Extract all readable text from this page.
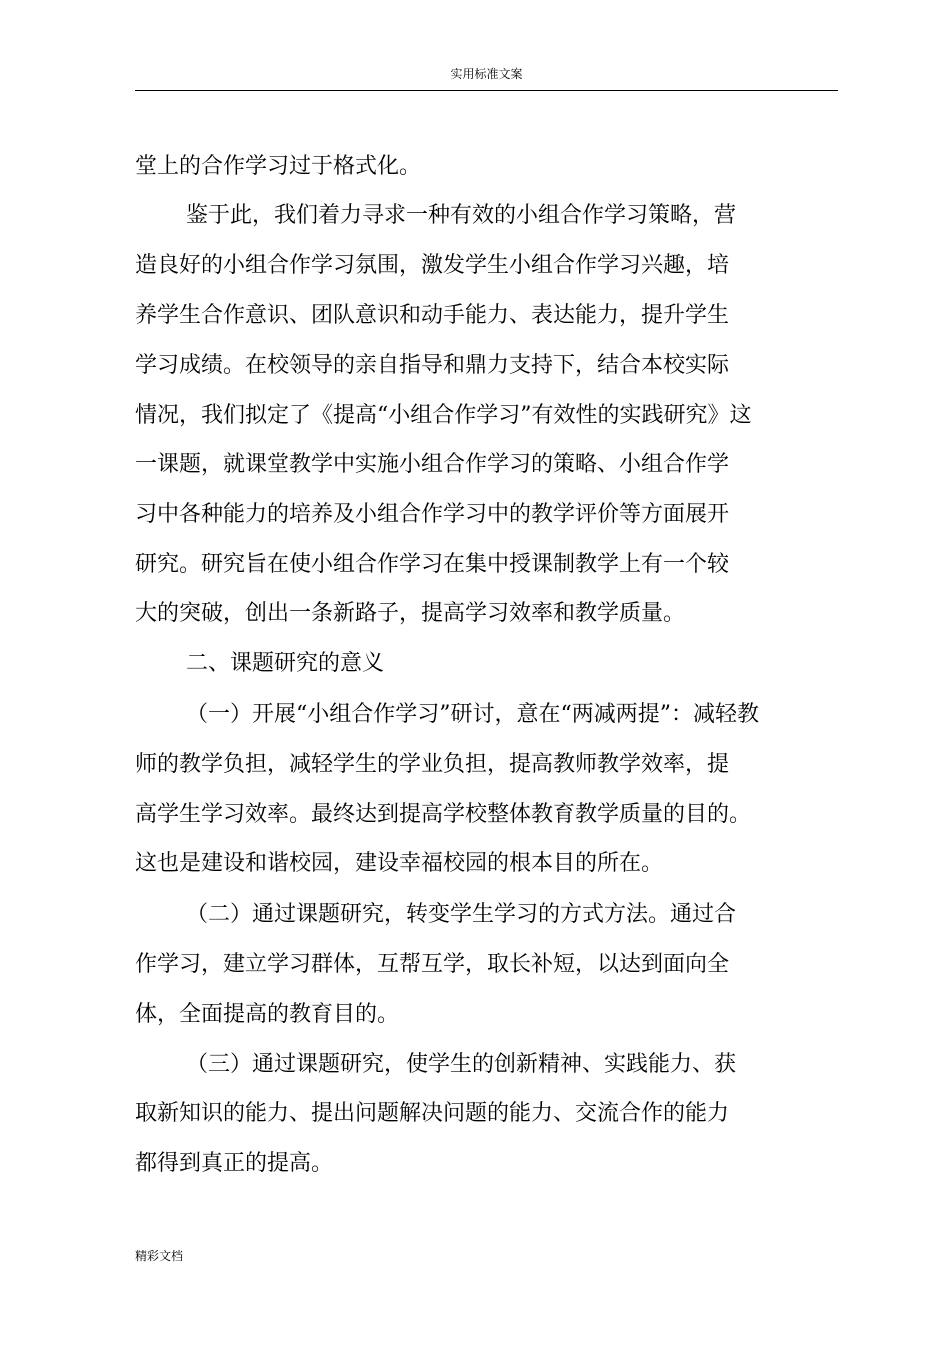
实用标准文案
堂上的合作学习过于格式化。
鉴于此，我们着力寻求一种有效的小组合作学习策略，营
造良好的小组合作学习氛围，激发学生小组合作学习兴趣，培
养学生合作意识、团队意识和动手能力、表达能力，提升学生
学习成绩。在校领导的亲自指导和鼎力支持下，结合本校实际
情况，我们拟定了《提高“小组合作学习”有效性的实践研究》这
一课题，就课堂教学中实施小组合作学习的策略、小组合作学
习中各种能力的培养及小组合作学习中的教学评价等方面展开
研究。研究旨在使小组合作学习在集中授课制教学上有一个较
大的突破，创出一条新路子，提高学习效率和教学质量。
二、课题研究的意义
（一）开展“小组合作学习”研讨，意在“两减两提”：减轻教
师的教学负担，减轻学生的学业负担，提高教师教学效率，提
高学生学习效率。最终达到提高学校整体教育教学质量的目的。
这也是建设和谐校园，建设幸福校园的根本目的所在。
（二）通过课题研究，转变学生学习的方式方法。通过合
作学习，建立学习群体，互帮互学，取长补短，以达到面向全
体，全面提高的教育目的。
（三）通过课题研究，使学生的创新精神、实践能力、获
取新知识的能力、提出问题解决问题的能力、交流合作的能力
都得到真正的提高。
精彩文档
